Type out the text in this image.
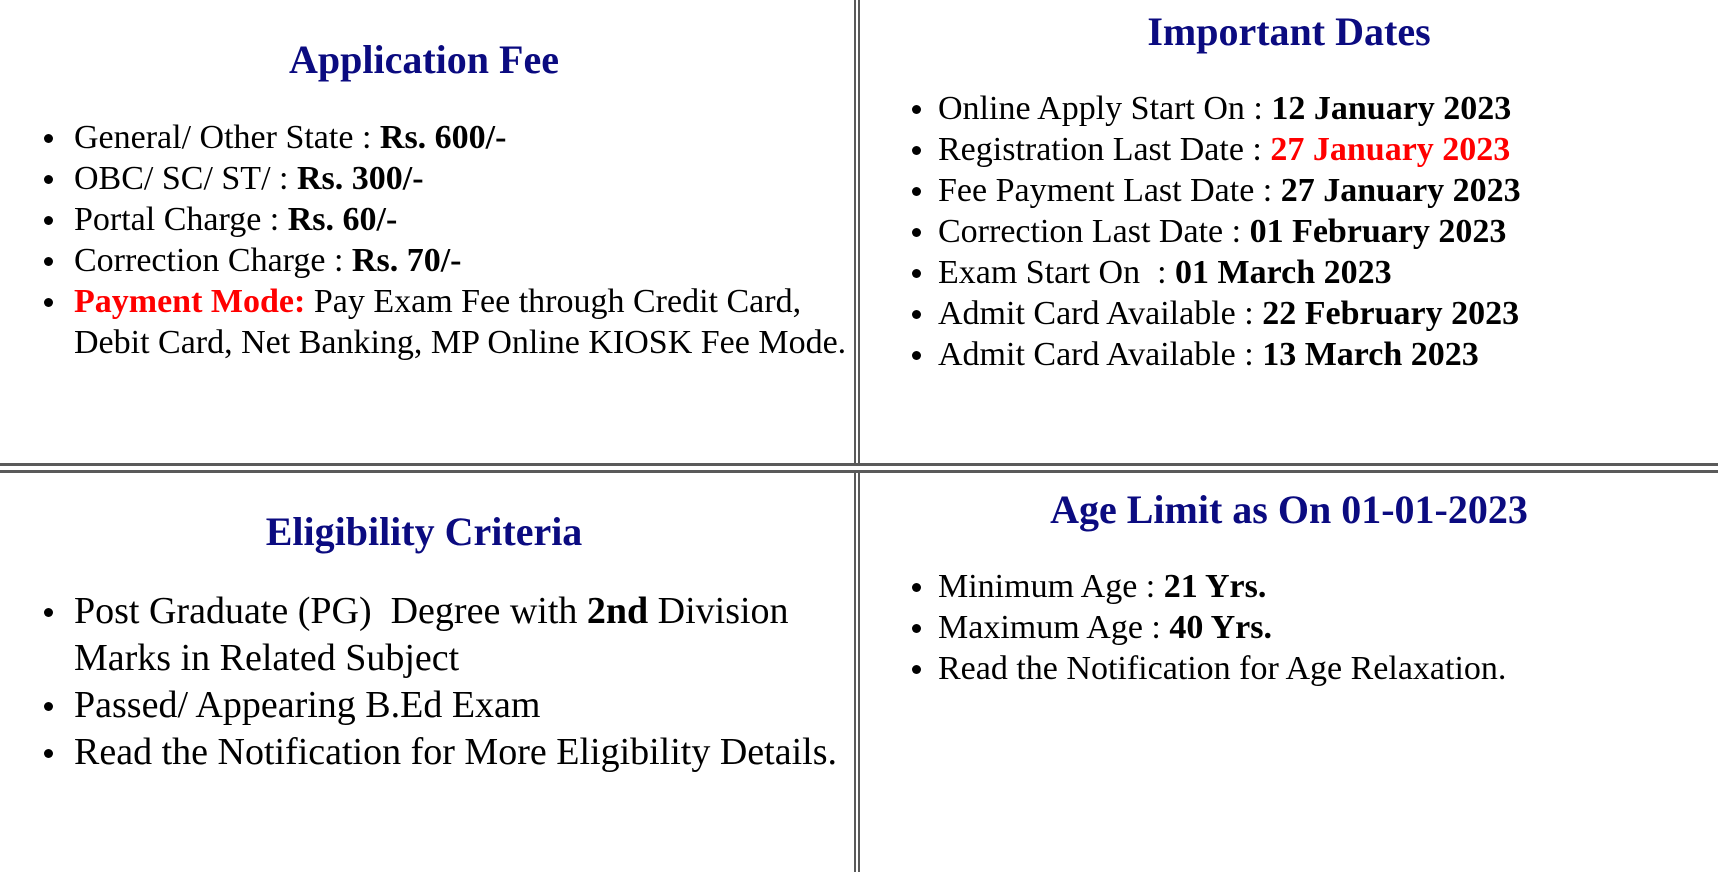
Application Fee
General/ Other State : Rs. 600/-
OBC/ SC/ ST/ : Rs. 300/-
Portal Charge : Rs. 60/-
Correction Charge : Rs. 70/-
Payment Mode: Pay Exam Fee through Credit Card, Debit Card, Net Banking, MP Online KIOSK Fee Mode.
Important Dates
Online Apply Start On : 12 January 2023
Registration Last Date : 27 January 2023
Fee Payment Last Date : 27 January 2023
Correction Last Date : 01 February 2023
Exam Start On  : 01 March 2023
Admit Card Available : 22 February 2023
Admit Card Available : 13 March 2023
Eligibility Criteria
Post Graduate (PG)  Degree with 2nd Division Marks in Related Subject
Passed/ Appearing B.Ed Exam
Read the Notification for More Eligibility Details.
Age Limit as On 01-01-2023
Minimum Age : 21 Yrs.
Maximum Age : 40 Yrs.
Read the Notification for Age Relaxation.
